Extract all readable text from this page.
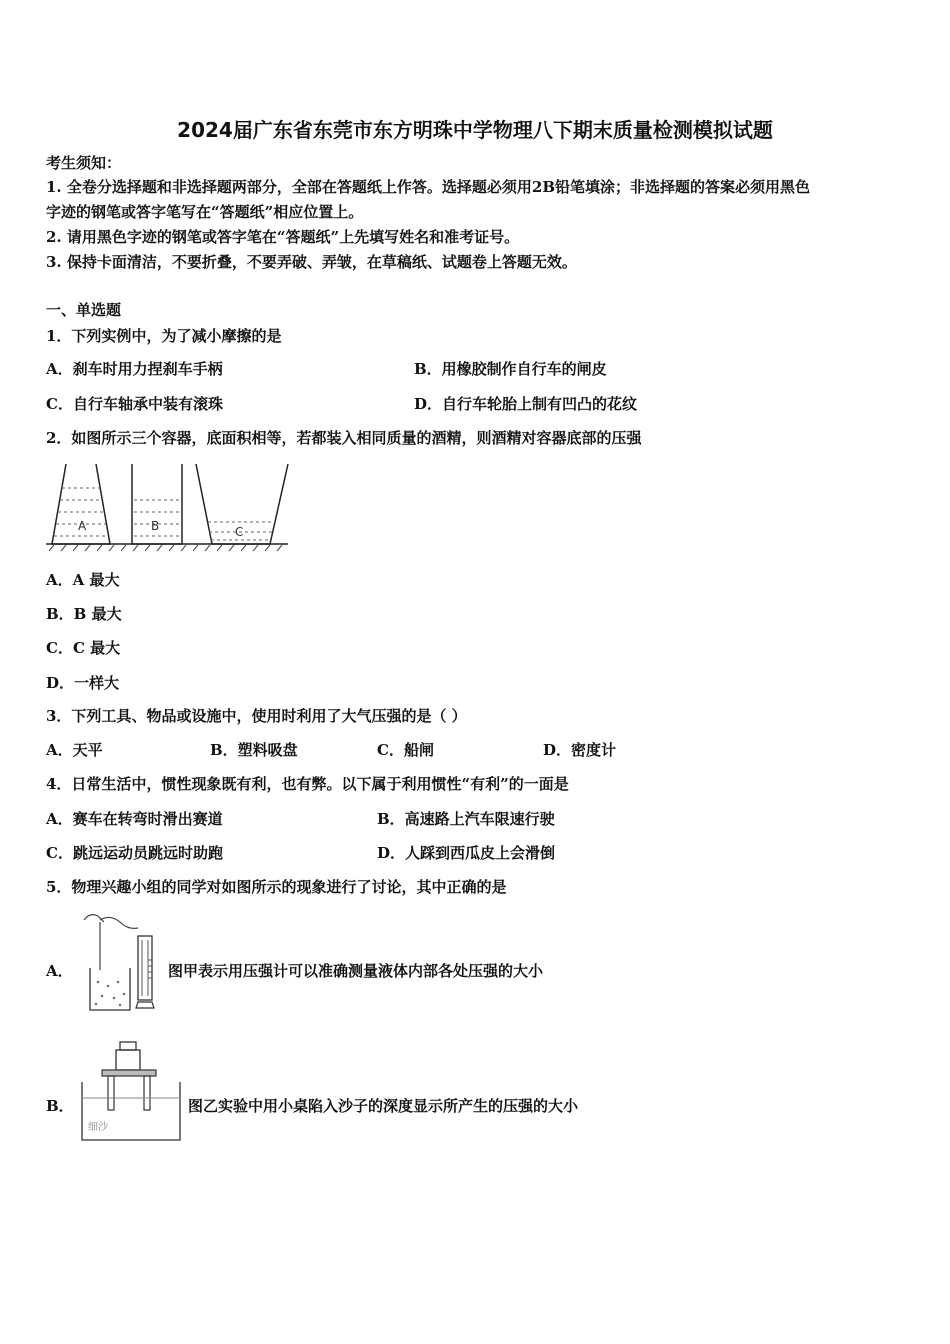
2024届广东省东莞市东方明珠中学物理八下期末质量检测模拟试题
考生须知：
1. 全卷分选择题和非选择题两部分，全部在答题纸上作答。选择题必须用2B铅笔填涂；非选择题的答案必须用黑色
字迹的钢笔或答字笔写在“答题纸”相应位置上。
2. 请用黑色字迹的钢笔或答字笔在“答题纸”上先填写姓名和准考证号。
3. 保持卡面清洁，不要折叠，不要弄破、弄皱，在草稿纸、试题卷上答题无效。
一、单选题
1．下列实例中，为了减小摩擦的是
A．刹车时用力捏刹车手柄	B．用橡胶制作自行车的闸皮
C．自行车轴承中装有滚珠	D．自行车轮胎上制有凹凸的花纹
2．如图所示三个容器，底面积相等，若都装入相同质量的酒精，则酒精对容器底部的压强
A	B	C
A．A 最大
B．B 最大
C．C 最大
D．一样大
3．下列工具、物品或设施中，使用时利用了大气压强的是（ ）
A．天平	B．塑料吸盘	C．船闸	D．密度计
4．日常生活中，惯性现象既有利，也有弊。以下属于利用惯性“有利”的一面是
A．赛车在转弯时滑出赛道	B．高速路上汽车限速行驶
C．跳远运动员跳远时助跑	D．人踩到西瓜皮上会滑倒
5．物理兴趣小组的同学对如图所示的现象进行了讨论，其中正确的是
A．	图甲表示用压强计可以准确测量液体内部各处压强的大小
B．
细沙
图乙实验中用小桌陷入沙子的深度显示所产生的压强的大小
